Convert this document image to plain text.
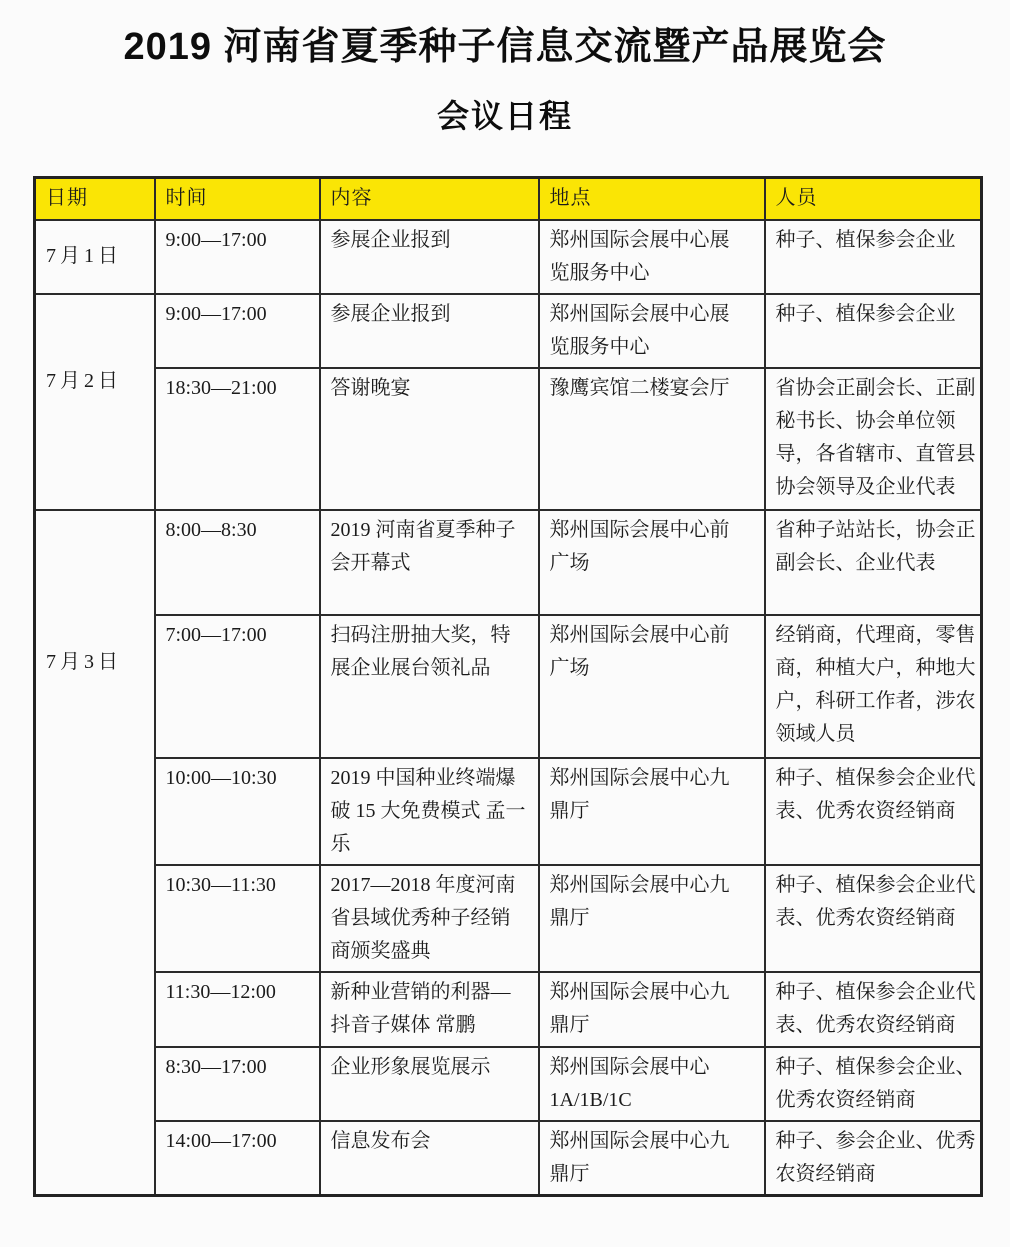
2019 河南省夏季种子信息交流暨产品展览会
会议日程
日期	时间	内容	地点	人员
7月1日	9:00—17:00	参展企业报到	郑州国际会展中心展览服务中心	种子、植保参会企业
7月2日	9:00—17:00	参展企业报到	郑州国际会展中心展览服务中心	种子、植保参会企业
	18:30—21:00	答谢晚宴	豫鹰宾馆二楼宴会厅	省协会正副会长、正副秘书长、协会单位领导，各省辖市、直管县协会领导及企业代表
7月3日	8:00—8:30	2019 河南省夏季种子会开幕式	郑州国际会展中心前广场	省种子站站长，协会正副会长、企业代表
	7:00—17:00	扫码注册抽大奖，特展企业展台领礼品	郑州国际会展中心前广场	经销商，代理商，零售商，种植大户，种地大户，科研工作者，涉农领域人员
	10:00—10:30	2019 中国种业终端爆破 15 大免费模式 孟一乐	郑州国际会展中心九鼎厅	种子、植保参会企业代表、优秀农资经销商
	10:30—11:30	2017—2018 年度河南省县域优秀种子经销商颁奖盛典	郑州国际会展中心九鼎厅	种子、植保参会企业代表、优秀农资经销商
	11:30—12:00	新种业营销的利器—抖音子媒体 常鹏	郑州国际会展中心九鼎厅	种子、植保参会企业代表、优秀农资经销商
	8:30—17:00	企业形象展览展示	郑州国际会展中心 1A/1B/1C	种子、植保参会企业、优秀农资经销商
	14:00—17:00	信息发布会	郑州国际会展中心九鼎厅	种子、参会企业、优秀农资经销商
